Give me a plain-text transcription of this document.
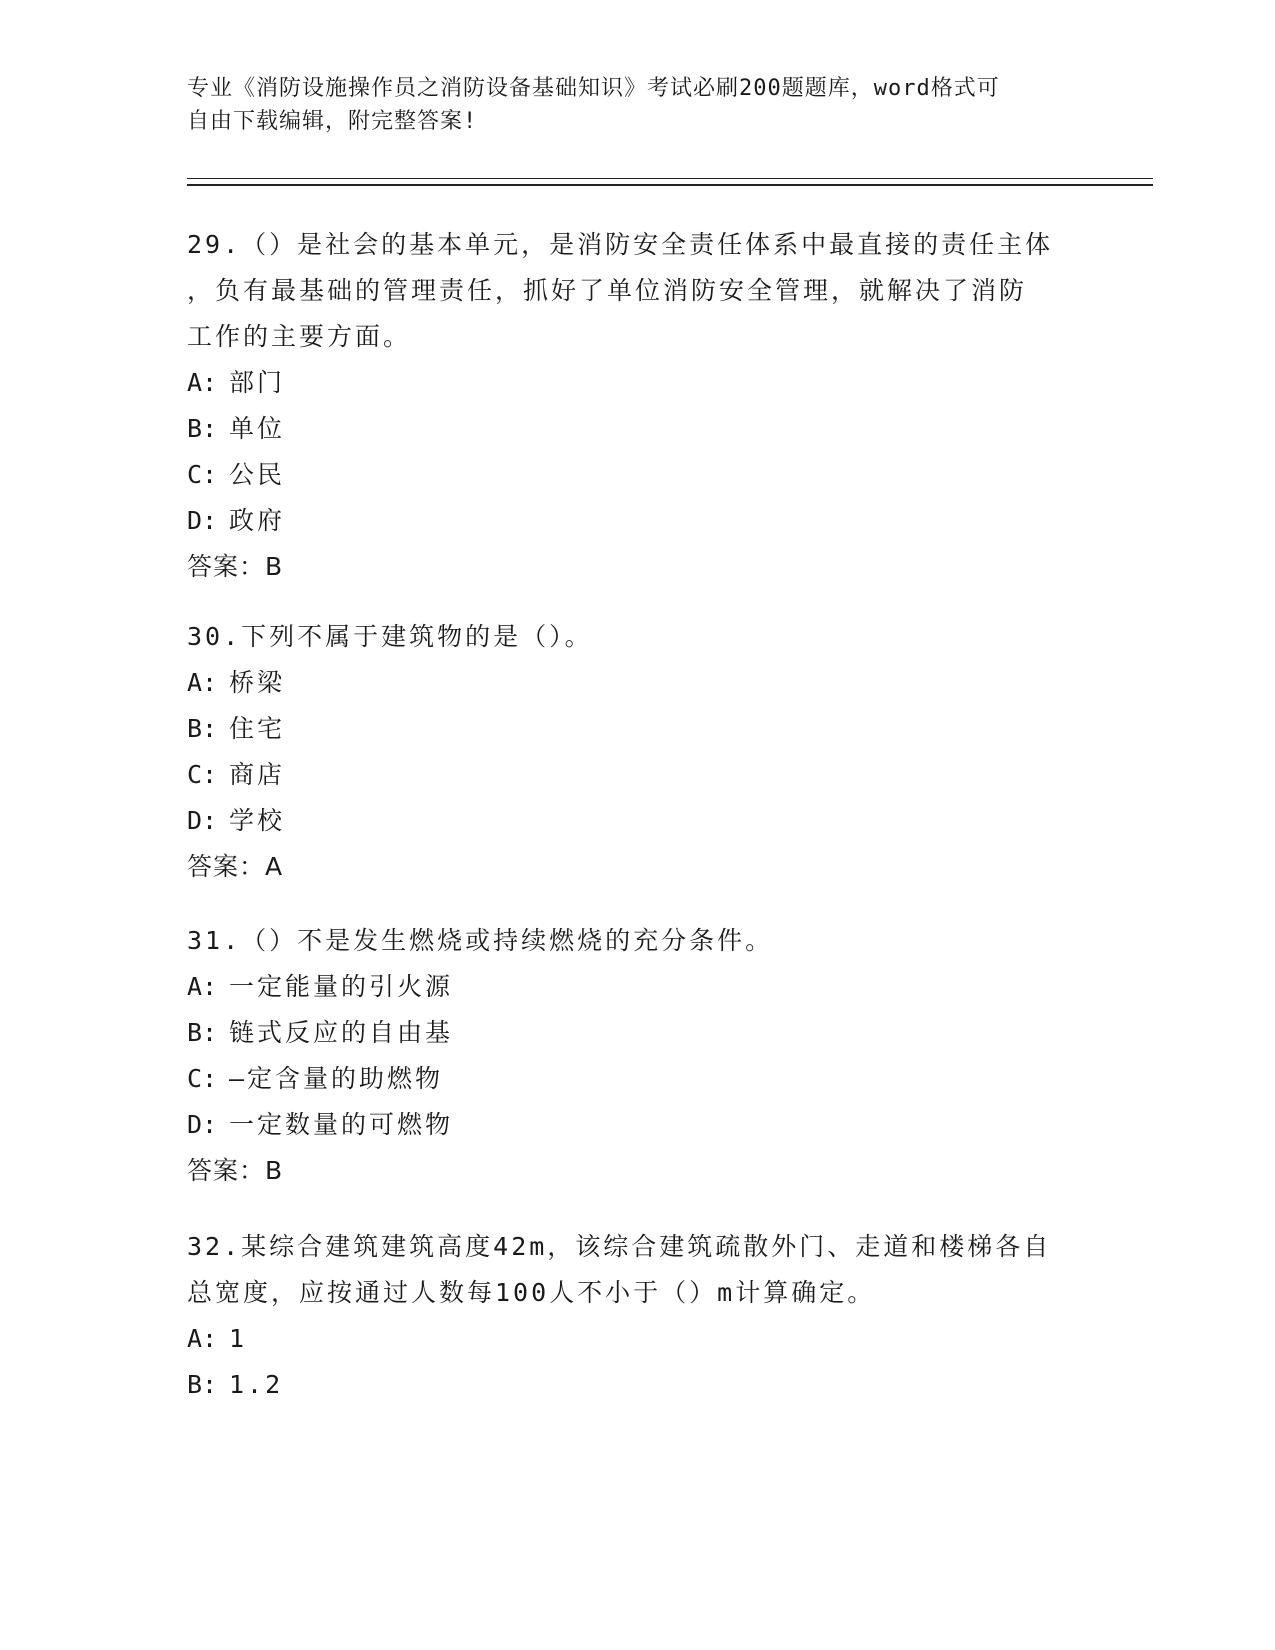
专业《消防设施操作员之消防设备基础知识》考试必刷200题题库，word格式可
自由下载编辑，附完整答案!

29.（）是社会的基本单元，是消防安全责任体系中最直接的责任主体

，负有最基础的管理责任，抓好了单位消防安全管理，就解决了消防

工作的主要方面。

A: 部门

B: 单位

C: 公民

D: 政府

答案：B

30.下列不属于建筑物的是（）。

A: 桥梁

B: 住宅

C: 商店

D: 学校

答案：A

31.（）不是发生燃烧或持续燃烧的充分条件。

A: 一定能量的引火源

B: 链式反应的自由基

C: —定含量的助燃物

D: 一定数量的可燃物

答案：B

32.某综合建筑建筑高度42m，该综合建筑疏散外门、走道和楼梯各自

总宽度，应按通过人数每100人不小于（）m计算确定。

A: 1

B: 1.2
